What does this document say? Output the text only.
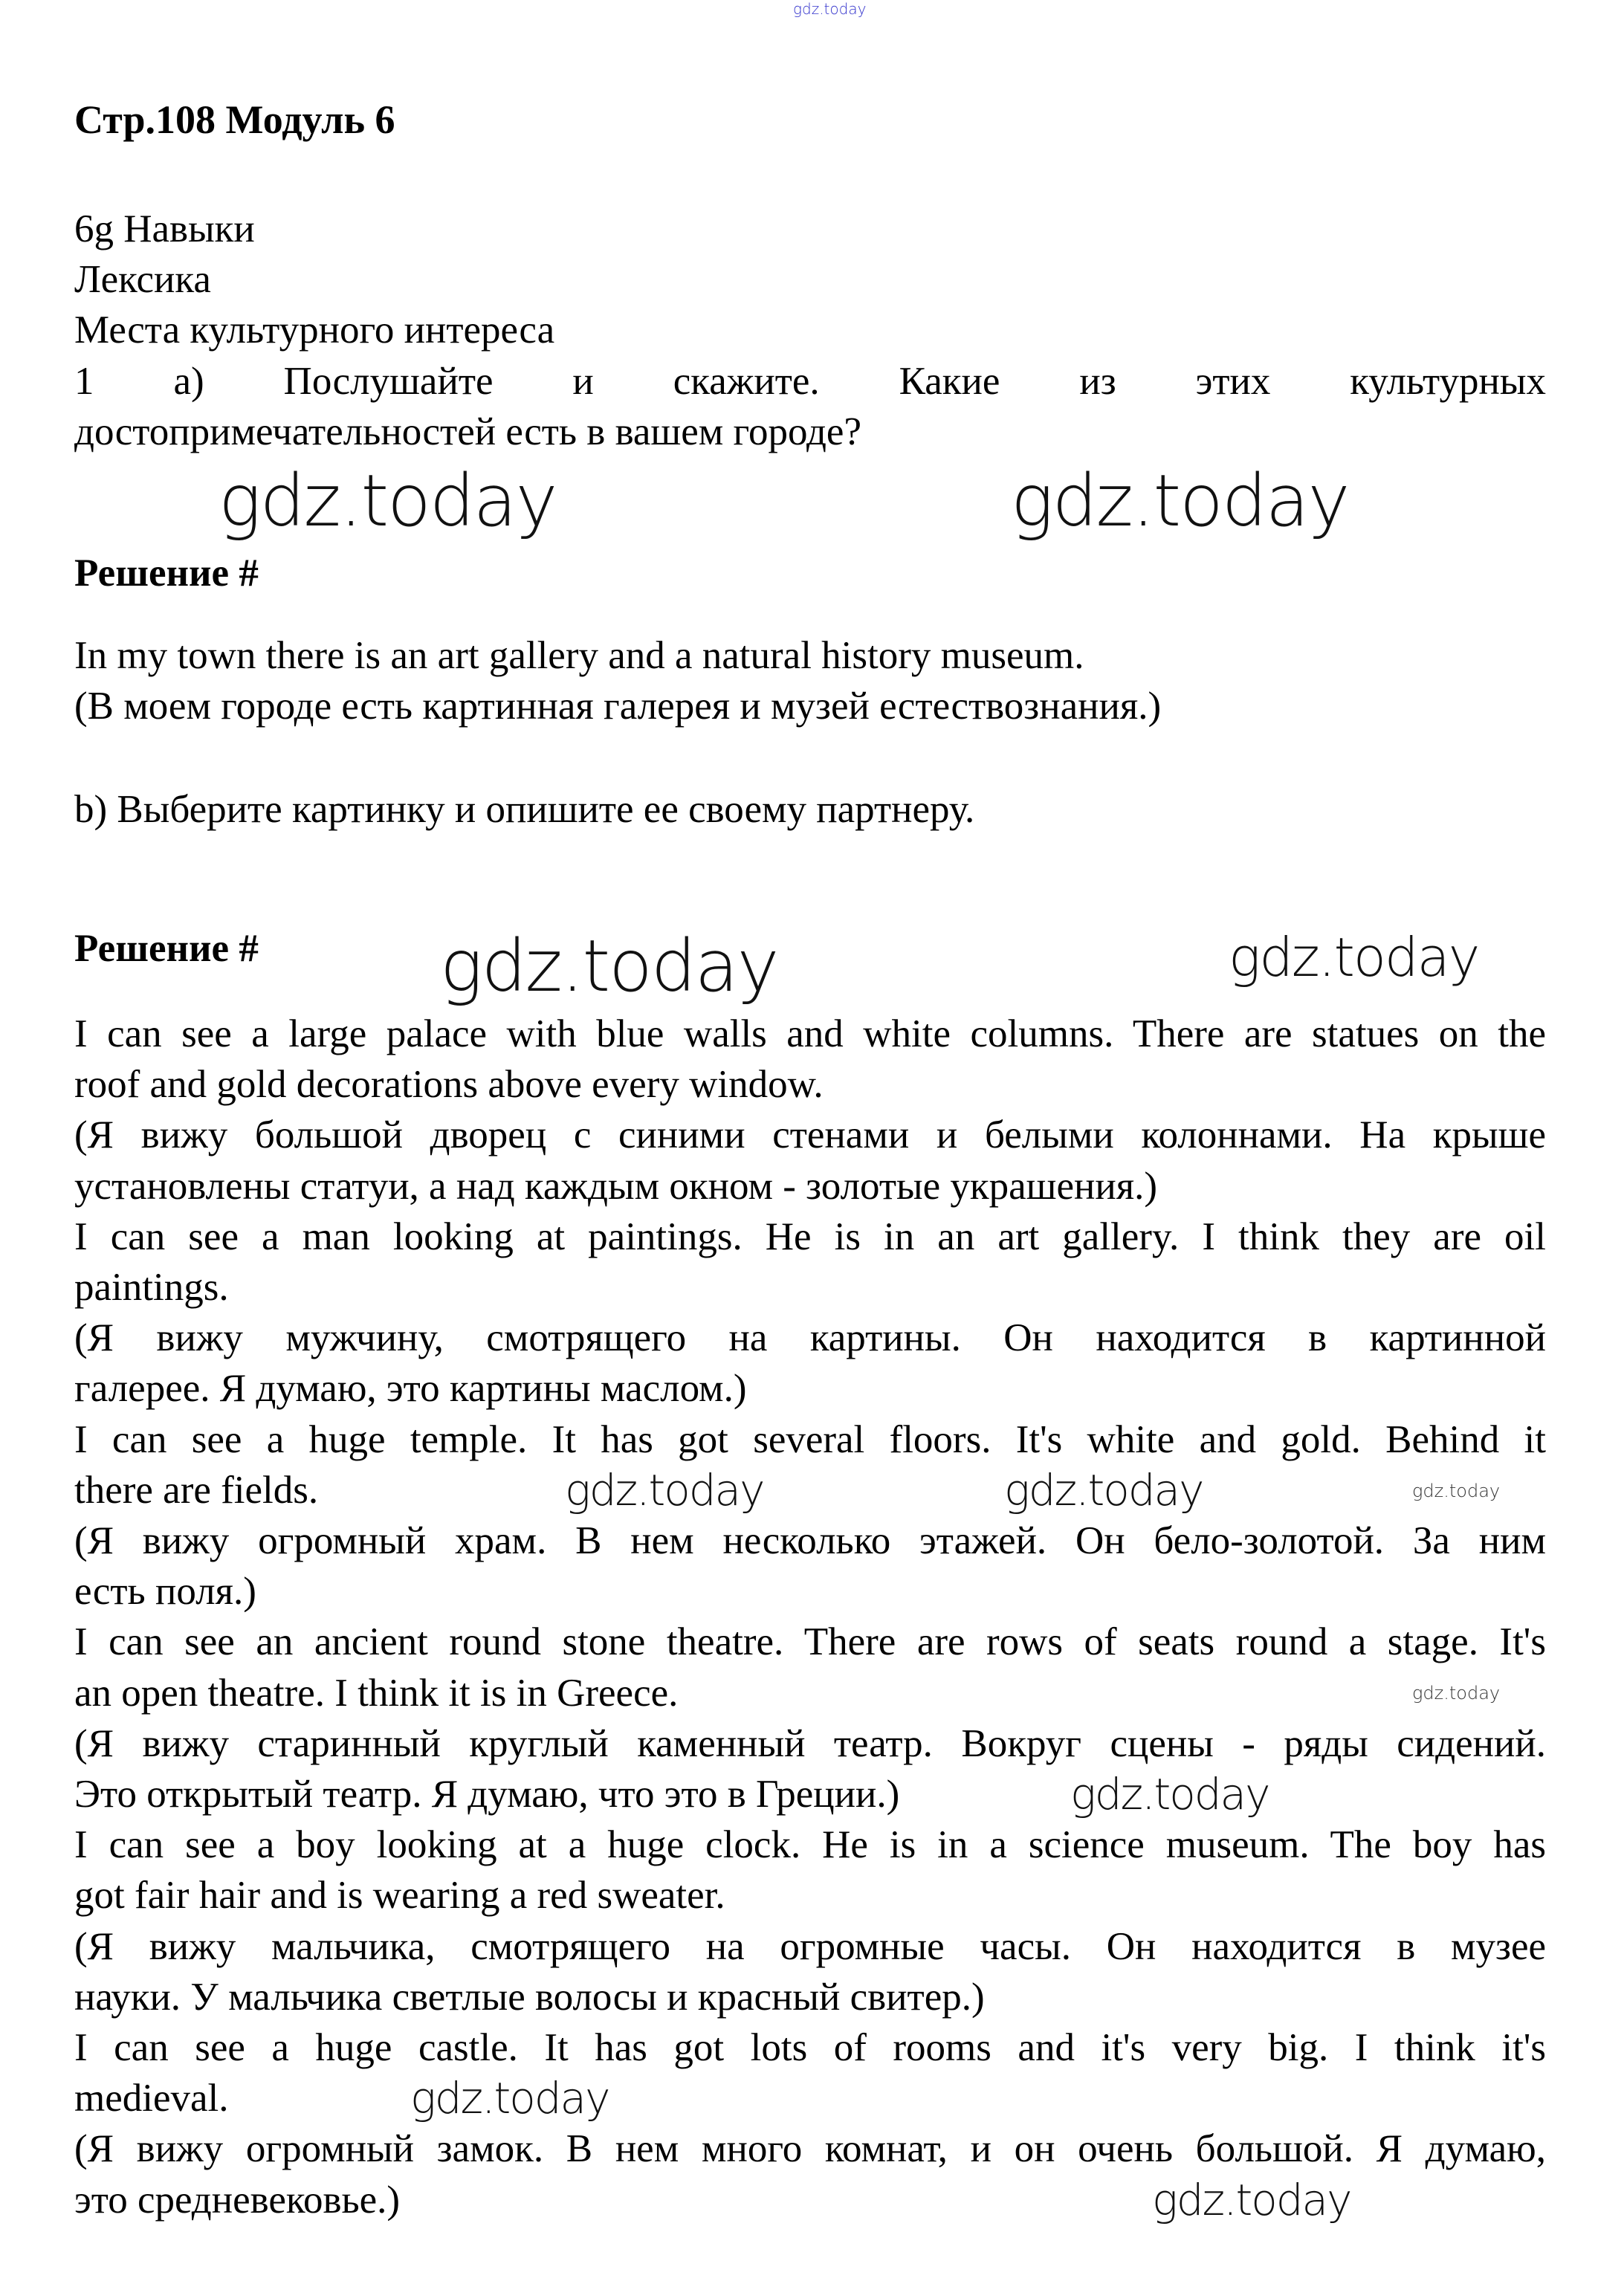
gdz.today
Стр.108 Модуль 6
6g Навыки
Лексика
Места культурного интереса
1 а) Послушайте и скажите. Какие из этих культурных
достопримечательностей есть в вашем городе?
Решение #
In my town there is an art gallery and a natural history museum.
(В моем городе есть картинная галерея и музей естествознания.)
b) Выберите картинку и опишите ее своему партнеру.
Решение #
I can see a large palace with blue walls and white columns. There are statues on the
roof and gold decorations above every window.
(Я вижу большой дворец с синими стенами и белыми колоннами. На крыше
установлены статуи, а над каждым окном - золотые украшения.)
I can see a man looking at paintings. He is in an art gallery. I think they are oil
paintings.
(Я вижу мужчину, смотрящего на картины. Он находится в картинной
галерее. Я думаю, это картины маслом.)
I can see a huge temple. It has got several floors. It's white and gold. Behind it
there are fields.
(Я вижу огромный храм. В нем несколько этажей. Он бело-золотой. За ним
есть поля.)
I can see an ancient round stone theatre. There are rows of seats round a stage. It's
an open theatre. I think it is in Greece.
(Я вижу старинный круглый каменный театр. Вокруг сцены - ряды сидений.
Это открытый театр. Я думаю, что это в Греции.)
I can see a boy looking at a huge clock. He is in a science museum. The boy has
got fair hair and is wearing a red sweater.
(Я вижу мальчика, смотрящего на огромные часы. Он находится в музее
науки. У мальчика светлые волосы и красный свитер.)
I can see a huge castle. It has got lots of rooms and it's very big. I think it's
medieval.
(Я вижу огромный замок. В нем много комнат, и он очень большой. Я думаю,
это средневековье.)
gdz.today	gdz.today
gdz.today	gdz.today
gdz.today	gdz.today	gdz.today
gdz.today
gdz.today
gdz.today
gdz.today
